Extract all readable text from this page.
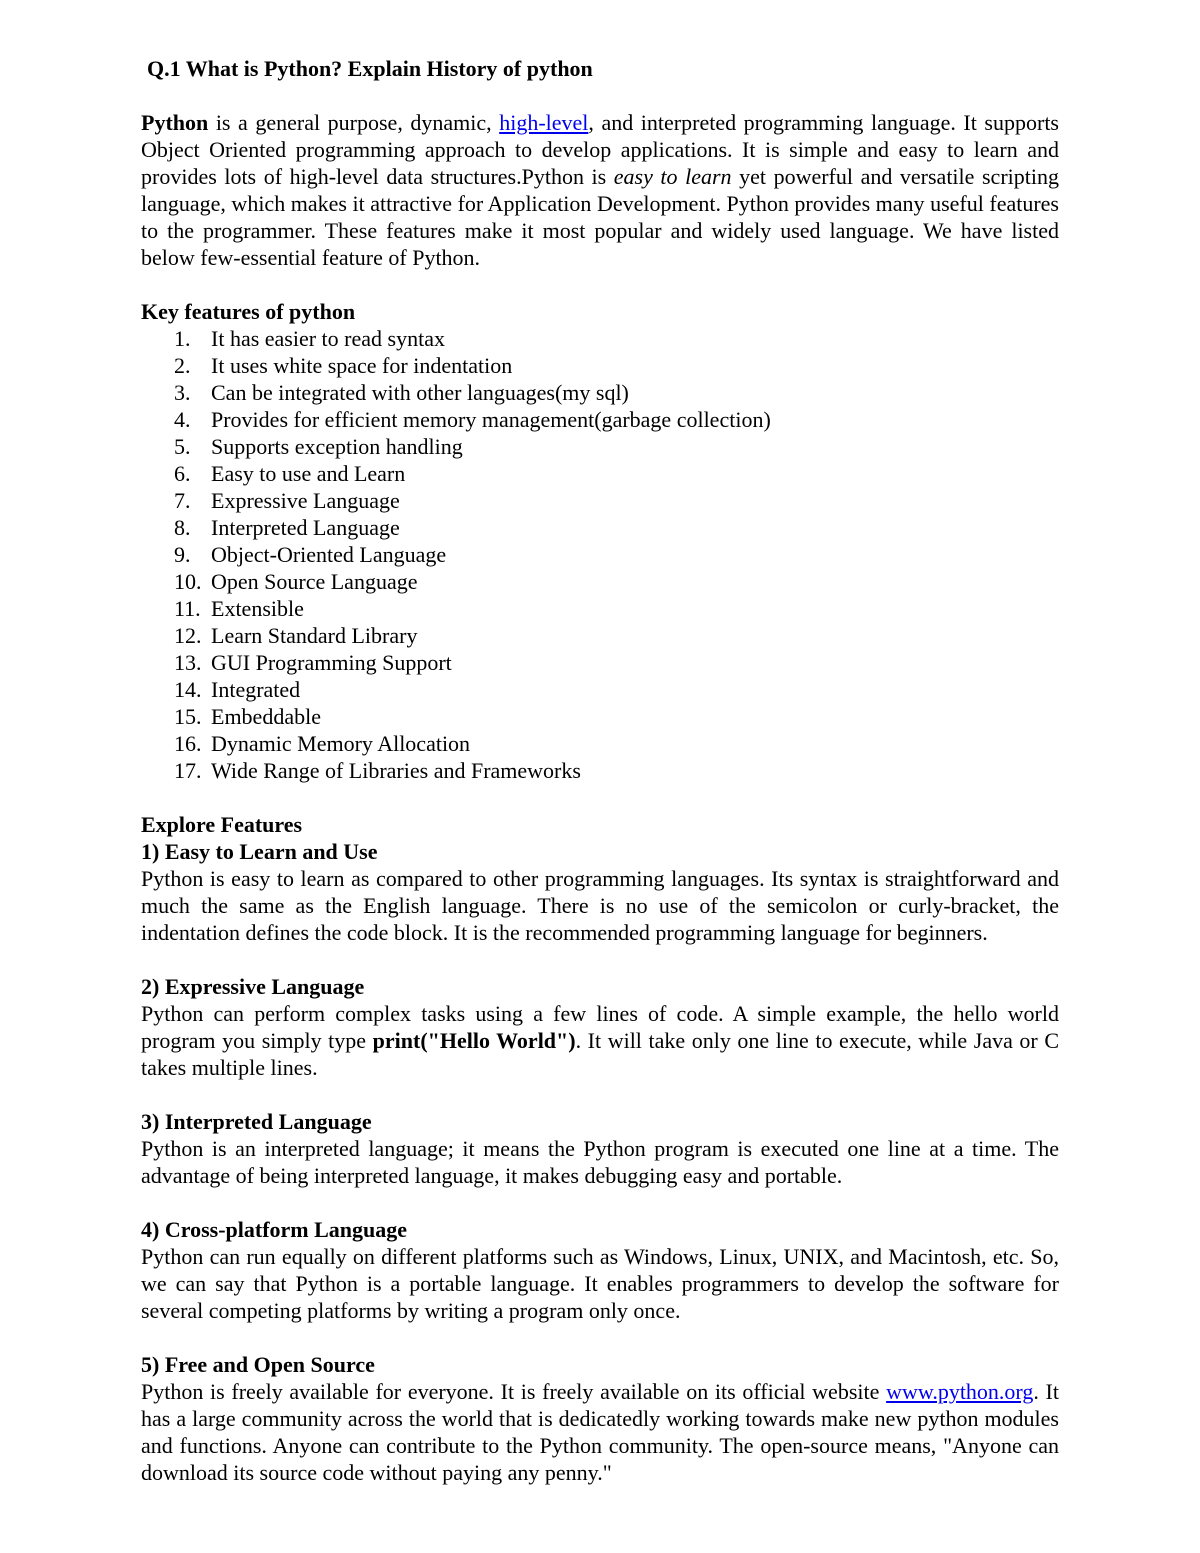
Q.1 What is Python? Explain History of python

Python is a general purpose, dynamic, high-level, and interpreted programming language. It supports Object Oriented programming approach to develop applications. It is simple and easy to learn and provides lots of high-level data structures.Python is easy to learn yet powerful and versatile scripting language, which makes it attractive for Application Development. Python provides many useful features to the programmer. These features make it most popular and widely used language. We have listed below few-essential feature of Python.

Key features of python
1. It has easier to read syntax
2. It uses white space for indentation
3. Can be integrated with other languages(my sql)
4. Provides for efficient memory management(garbage collection)
5. Supports exception handling
6. Easy to use and Learn
7. Expressive Language
8. Interpreted Language
9. Object-Oriented Language
10. Open Source Language
11. Extensible
12. Learn Standard Library
13. GUI Programming Support
14. Integrated
15. Embeddable
16. Dynamic Memory Allocation
17. Wide Range of Libraries and Frameworks
Explore Features
1) Easy to Learn and Use

Python is easy to learn as compared to other programming languages. Its syntax is straightforward and much the same as the English language. There is no use of the semicolon or curly-bracket, the indentation defines the code block. It is the recommended programming language for beginners.

2) Expressive Language

Python can perform complex tasks using a few lines of code. A simple example, the hello world program you simply type print("Hello World"). It will take only one line to execute, while Java or C takes multiple lines.

3) Interpreted Language

Python is an interpreted language; it means the Python program is executed one line at a time. The advantage of being interpreted language, it makes debugging easy and portable.

4) Cross-platform Language

Python can run equally on different platforms such as Windows, Linux, UNIX, and Macintosh, etc. So, we can say that Python is a portable language. It enables programmers to develop the software for several competing platforms by writing a program only once.

5) Free and Open Source

Python is freely available for everyone. It is freely available on its official website www.python.org. It has a large community across the world that is dedicatedly working towards make new python modules and functions. Anyone can contribute to the Python community. The open-source means, "Anyone can download its source code without paying any penny."
